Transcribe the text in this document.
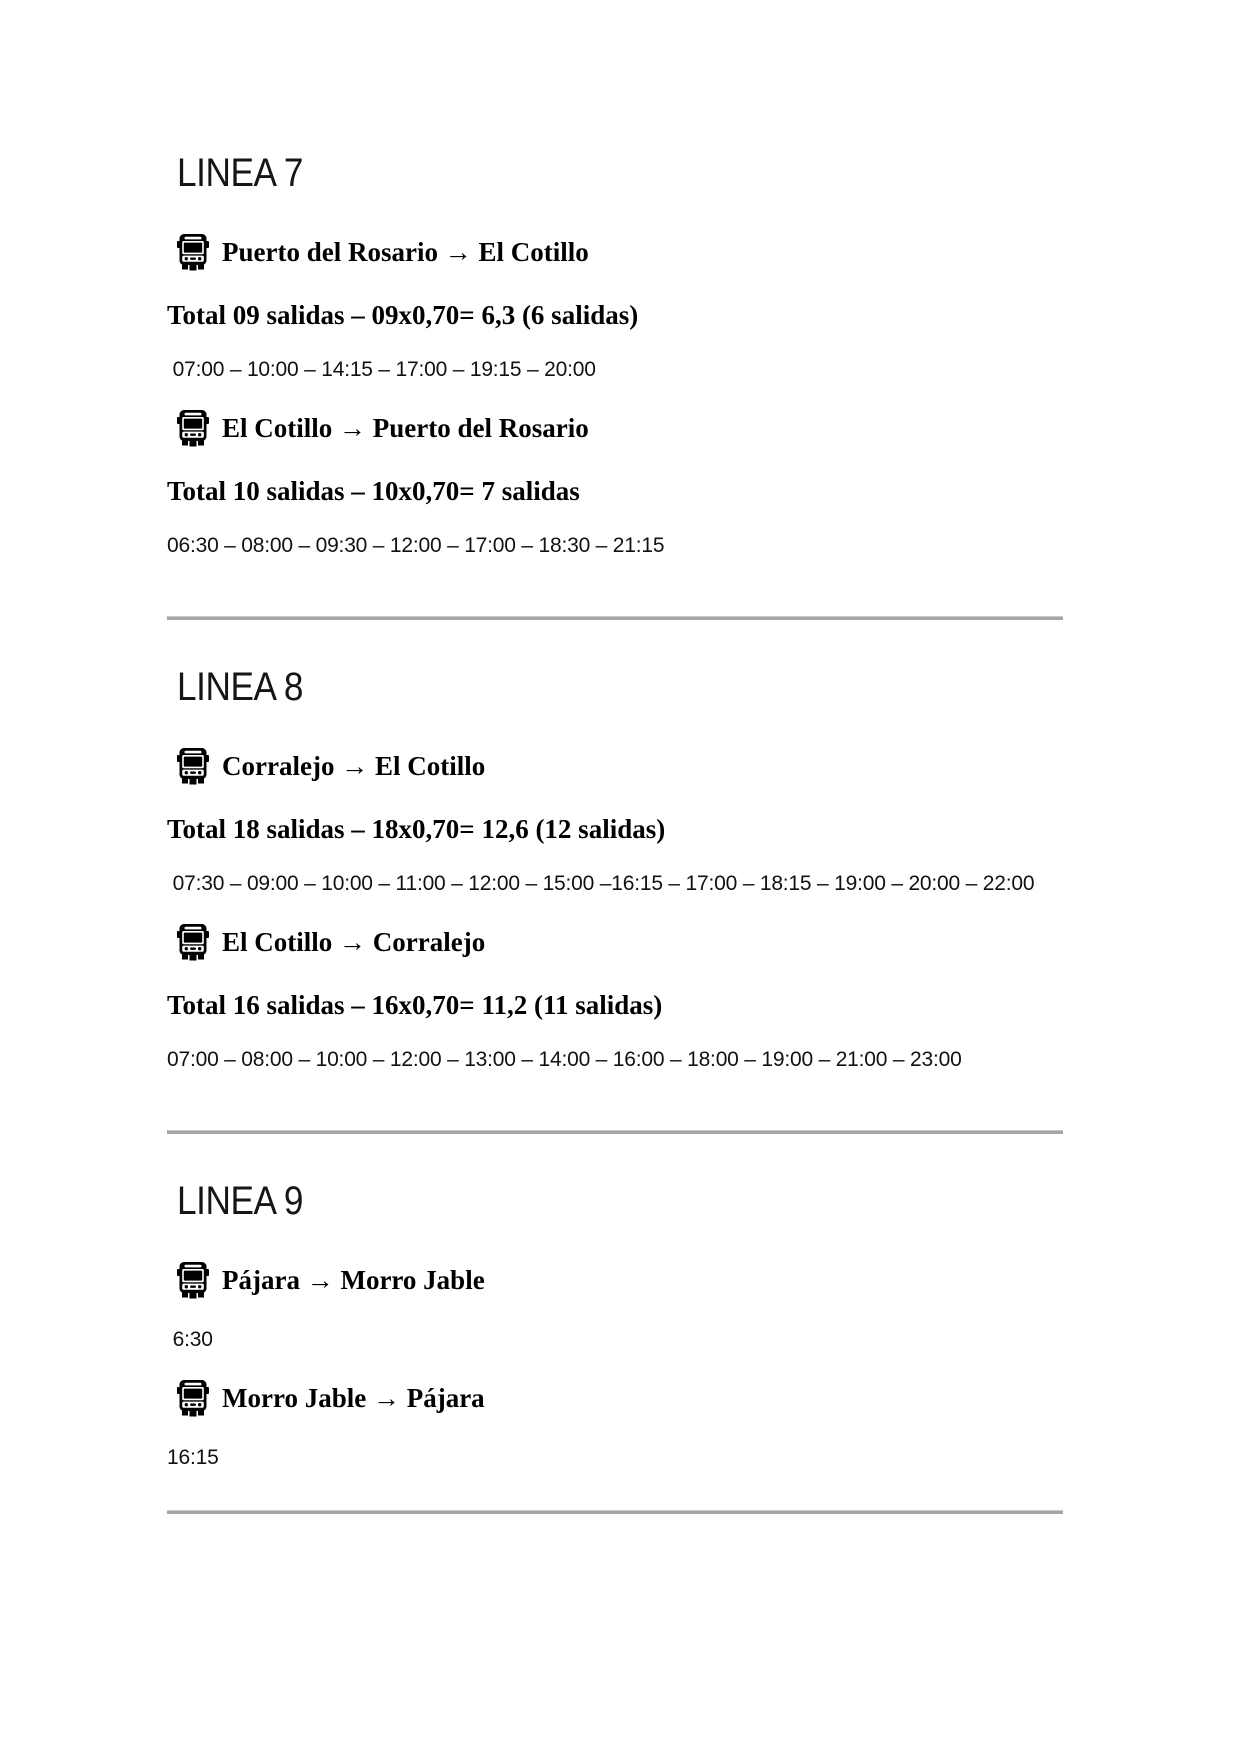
LINEA 7

Puerto del Rosario → El Cotillo

Total 09 salidas – 09x0,70= 6,3 (6 salidas)

07:00 – 10:00 – 14:15 – 17:00 – 19:15 – 20:00

El Cotillo → Puerto del Rosario

Total 10 salidas – 10x0,70= 7 salidas

06:30 – 08:00 – 09:30 – 12:00 – 17:00 – 18:30 – 21:15

LINEA 8

Corralejo → El Cotillo

Total 18 salidas – 18x0,70= 12,6 (12 salidas)

07:30 – 09:00 – 10:00 – 11:00 – 12:00 – 15:00 –16:15 – 17:00 – 18:15 – 19:00 – 20:00 – 22:00

El Cotillo → Corralejo

Total 16 salidas – 16x0,70= 11,2 (11 salidas)

07:00 – 08:00 – 10:00 – 12:00 – 13:00 – 14:00 – 16:00 – 18:00 – 19:00 – 21:00 – 23:00

LINEA 9

Pájara → Morro Jable

6:30

Morro Jable → Pájara

16:15
